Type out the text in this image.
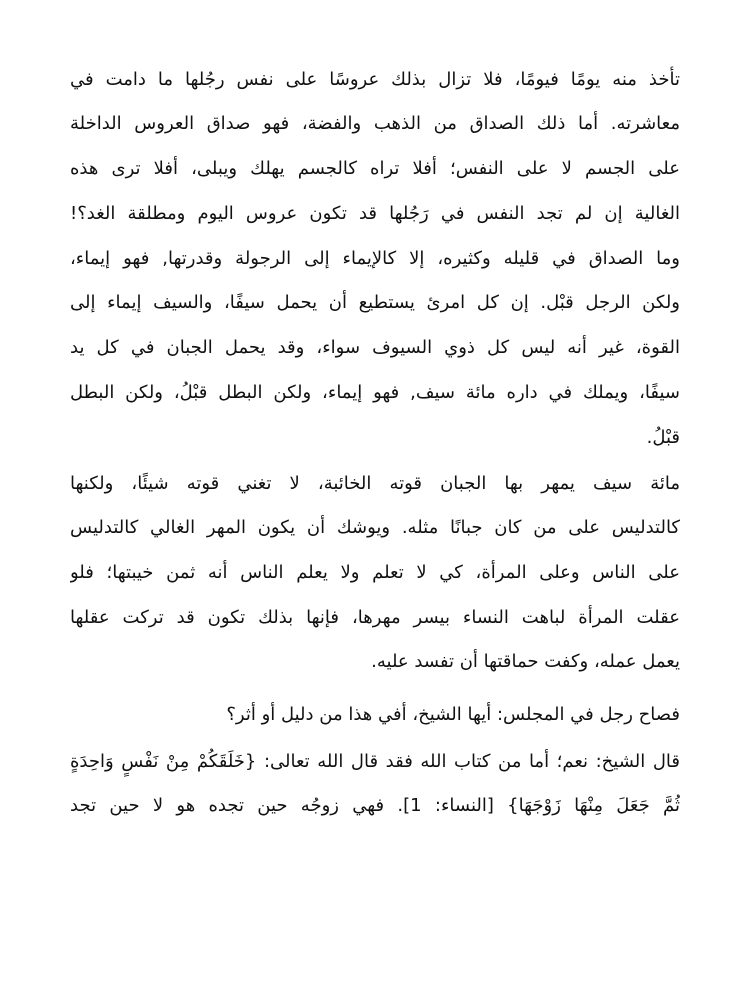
تأخذ منه يومًا فيومًا، فلا تزال بذلك عروسًا على نفس رجُلها ما دامت في
معاشرته. أما ذلك الصداق من الذهب والفضة، فهو صداق العروس الداخلة
على الجسم لا على النفس؛ أفلا تراه كالجسم يهلك ويبلى، أفلا ترى هذه
الغالية إن لم تجد النفس في رَجُلها قد تكون عروس اليوم ومطلقة الغد؟!
وما الصداق في قليله وكثيره، إلا كالإيماء إلى الرجولة وقدرتها, فهو إيماء،
ولكن الرجل قبْل. إن كل امرئ يستطيع أن يحمل سيفًا، والسيف إيماء إلى
القوة، غير أنه ليس كل ذوي السيوف سواء، وقد يحمل الجبان في كل يد
سيفًا، ويملك في داره مائة سيف, فهو إيماء، ولكن البطل قبْلُ، ولكن البطل
قبْلُ.
مائة سيف يمهر بها الجبان قوته الخائبة، لا تغني قوته شيئًا، ولكنها
كالتدليس على من كان جبانًا مثله. ويوشك أن يكون المهر الغالي كالتدليس
على الناس وعلى المرأة، كي لا تعلم ولا يعلم الناس أنه ثمن خيبتها؛ فلو
عقلت المرأة لباهت النساء بيسر مهرها، فإنها بذلك تكون قد تركت عقلها
يعمل عمله، وكفت حماقتها أن تفسد عليه.
فصاح رجل في المجلس: أيها الشيخ، أفي هذا من دليل أو أثر؟
قال الشيخ: نعم؛ أما من كتاب الله فقد قال الله تعالى: {خَلَقَكُمْ مِنْ نَفْسٍ وَاحِدَةٍ
ثُمَّ جَعَلَ مِنْهَا زَوْجَهَا} [النساء: 1]. فهي زوجُه حين تجده هو لا حين تجد
